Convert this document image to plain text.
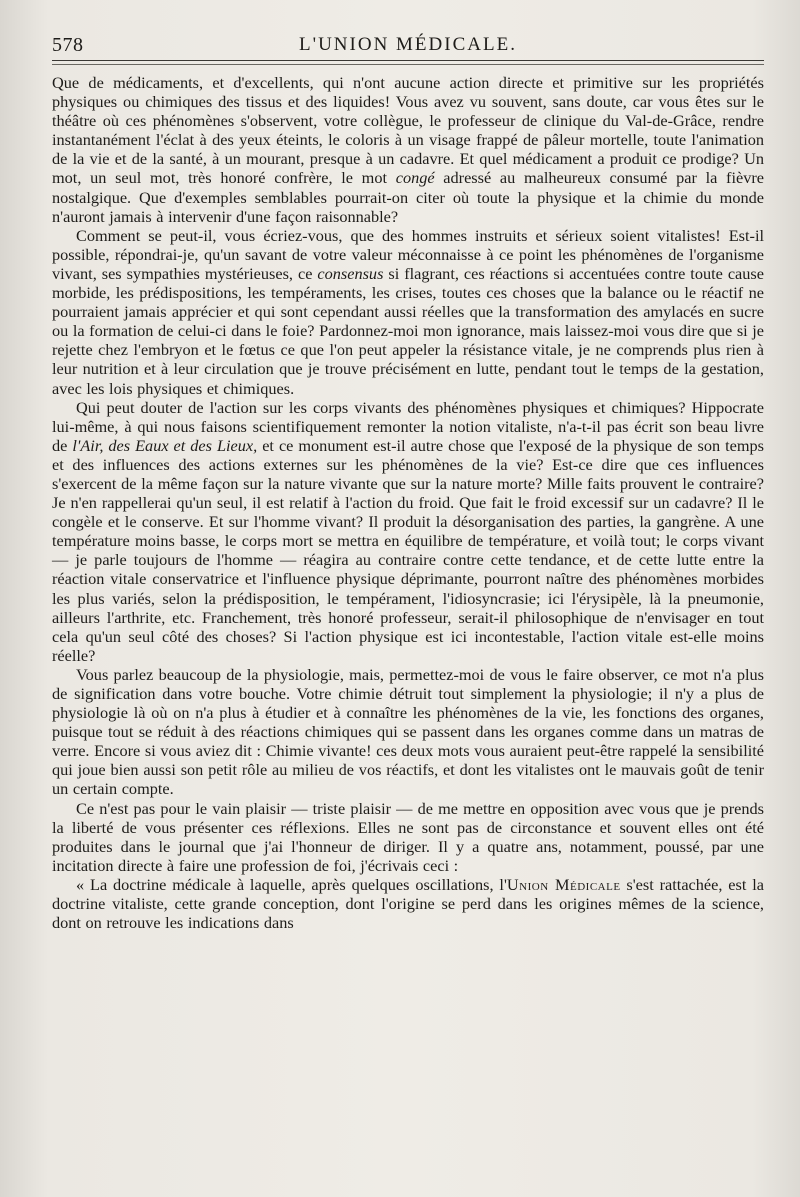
578	L'UNION MÉDICALE.

Que de médicaments, et d'excellents, qui n'ont aucune action directe et primitive sur les propriétés physiques ou chimiques des tissus et des liquides! Vous avez vu souvent, sans doute, car vous êtes sur le théâtre où ces phénomènes s'observent, votre collègue, le professeur de clinique du Val-de-Grâce, rendre instantanément l'éclat à des yeux éteints, le coloris à un visage frappé de pâleur mortelle, toute l'animation de la vie et de la santé, à un mourant, presque à un cadavre. Et quel médicament a produit ce prodige? Un mot, un seul mot, très honoré confrère, le mot congé adressé au malheureux consumé par la fièvre nostalgique. Que d'exemples semblables pourrait-on citer où toute la physique et la chimie du monde n'auront jamais à intervenir d'une façon raisonnable?

Comment se peut-il, vous écriez-vous, que des hommes instruits et sérieux soient vitalistes! Est-il possible, répondrai-je, qu'un savant de votre valeur méconnaisse à ce point les phénomènes de l'organisme vivant, ses sympathies mystérieuses, ce consensus si flagrant, ces réactions si accentuées contre toute cause morbide, les prédispositions, les tempéraments, les crises, toutes ces choses que la balance ou le réactif ne pourraient jamais apprécier et qui sont cependant aussi réelles que la transformation des amylacés en sucre ou la formation de celui-ci dans le foie? Pardonnez-moi mon ignorance, mais laissez-moi vous dire que si je rejette chez l'embryon et le fœtus ce que l'on peut appeler la résistance vitale, je ne comprends plus rien à leur nutrition et à leur circulation que je trouve précisément en lutte, pendant tout le temps de la gestation, avec les lois physiques et chimiques.

Qui peut douter de l'action sur les corps vivants des phénomènes physiques et chimiques? Hippocrate lui-même, à qui nous faisons scientifiquement remonter la notion vitaliste, n'a-t-il pas écrit son beau livre de l'Air, des Eaux et des Lieux, et ce monument est-il autre chose que l'exposé de la physique de son temps et des influences des actions externes sur les phénomènes de la vie? Est-ce dire que ces influences s'exercent de la même façon sur la nature vivante que sur la nature morte? Mille faits prouvent le contraire? Je n'en rappellerai qu'un seul, il est relatif à l'action du froid. Que fait le froid excessif sur un cadavre? Il le congèle et le conserve. Et sur l'homme vivant? Il produit la désorganisation des parties, la gangrène. A une température moins basse, le corps mort se mettra en équilibre de température, et voilà tout; le corps vivant — je parle toujours de l'homme — réagira au contraire contre cette tendance, et de cette lutte entre la réaction vitale conservatrice et l'influence physique déprimante, pourront naître des phénomènes morbides les plus variés, selon la prédisposition, le tempérament, l'idiosyncrasie; ici l'érysipèle, là la pneumonie, ailleurs l'arthrite, etc. Franchement, très honoré professeur, serait-il philosophique de n'envisager en tout cela qu'un seul côté des choses? Si l'action physique est ici incontestable, l'action vitale est-elle moins réelle?

Vous parlez beaucoup de la physiologie, mais, permettez-moi de vous le faire observer, ce mot n'a plus de signification dans votre bouche. Votre chimie détruit tout simplement la physiologie; il n'y a plus de physiologie là où on n'a plus à étudier et à connaître les phénomènes de la vie, les fonctions des organes, puisque tout se réduit à des réactions chimiques qui se passent dans les organes comme dans un matras de verre. Encore si vous aviez dit : Chimie vivante! ces deux mots vous auraient peut-être rappelé la sensibilité qui joue bien aussi son petit rôle au milieu de vos réactifs, et dont les vitalistes ont le mauvais goût de tenir un certain compte.

Ce n'est pas pour le vain plaisir — triste plaisir — de me mettre en opposition avec vous que je prends la liberté de vous présenter ces réflexions. Elles ne sont pas de circonstance et souvent elles ont été produites dans le journal que j'ai l'honneur de diriger. Il y a quatre ans, notamment, poussé, par une incitation directe à faire une profession de foi, j'écrivais ceci :

« La doctrine médicale à laquelle, après quelques oscillations, l'Union Médicale s'est rattachée, est la doctrine vitaliste, cette grande conception, dont l'origine se perd dans les origines mêmes de la science, dont on retrouve les indications dans
